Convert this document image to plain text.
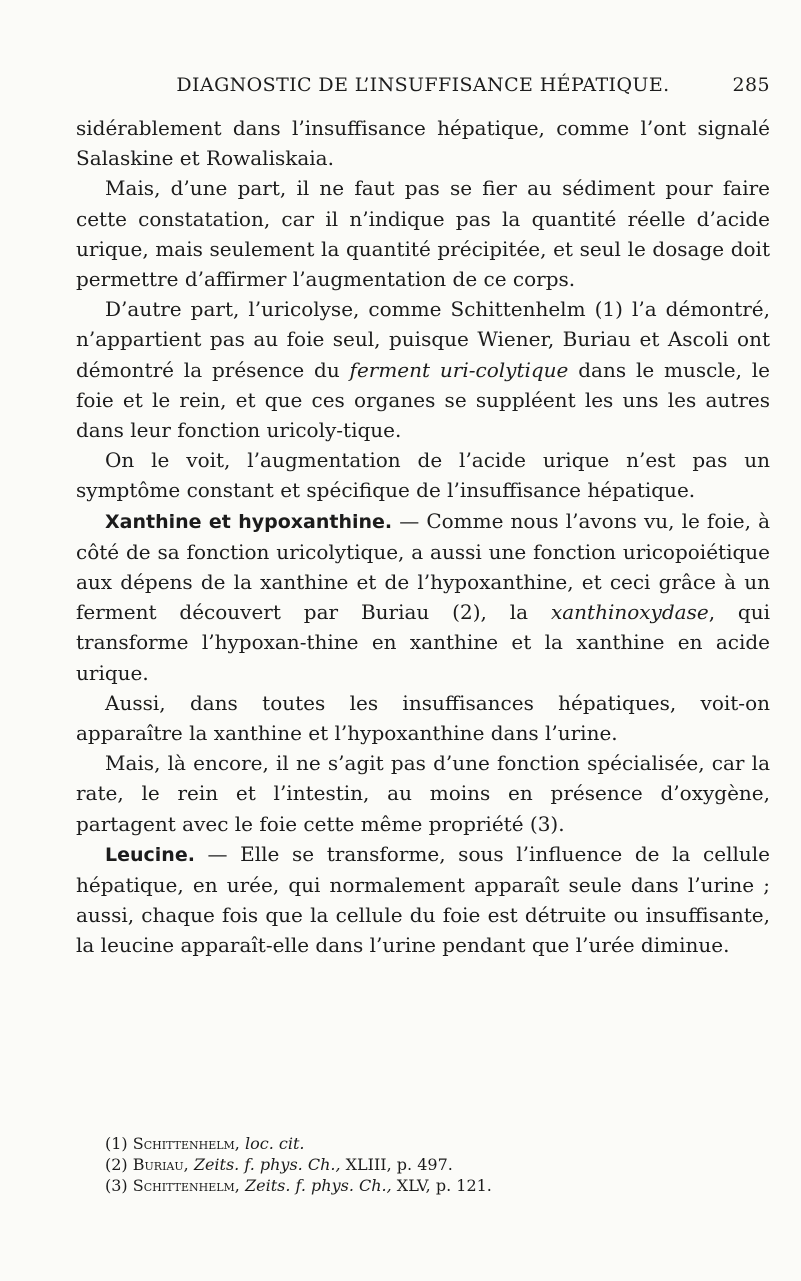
DIAGNOSTIC DE L’INSUFFISANCE HÉPATIQUE.	285

sidérablement dans l’insuffisance hépatique, comme l’ont signalé Salaskine et Rowaliskaia.

Mais, d’une part, il ne faut pas se fier au sédiment pour faire cette constatation, car il n’indique pas la quantité réelle d’acide urique, mais seulement la quantité précipitée, et seul le dosage doit permettre d’affirmer l’augmentation de ce corps.

D’autre part, l’uricolyse, comme Schittenhelm (1) l’a démontré, n’appartient pas au foie seul, puisque Wiener, Buriau et Ascoli ont démontré la présence du ferment uri-colytique dans le muscle, le foie et le rein, et que ces organes se suppléent les uns les autres dans leur fonction uricoly-tique.

On le voit, l’augmentation de l’acide urique n’est pas un symptôme constant et spécifique de l’insuffisance hépatique.

Xanthine et hypoxanthine. — Comme nous l’avons vu, le foie, à côté de sa fonction uricolytique, a aussi une fonction uricopoiétique aux dépens de la xanthine et de l’hypoxanthine, et ceci grâce à un ferment découvert par Buriau (2), la xanthinoxydase, qui transforme l’hypoxan-thine en xanthine et la xanthine en acide urique.

Aussi, dans toutes les insuffisances hépatiques, voit-on apparaître la xanthine et l’hypoxanthine dans l’urine.

Mais, là encore, il ne s’agit pas d’une fonction spécialisée, car la rate, le rein et l’intestin, au moins en présence d’oxygène, partagent avec le foie cette même propriété (3).

Leucine. — Elle se transforme, sous l’influence de la cellule hépatique, en urée, qui normalement apparaît seule dans l’urine ; aussi, chaque fois que la cellule du foie est détruite ou insuffisante, la leucine apparaît-elle dans l’urine pendant que l’urée diminue.

(1) Schittenhelm, loc. cit.
(2) Buriau, Zeits. f. phys. Ch., XLIII, p. 497.
(3) Schittenhelm, Zeits. f. phys. Ch., XLV, p. 121.
